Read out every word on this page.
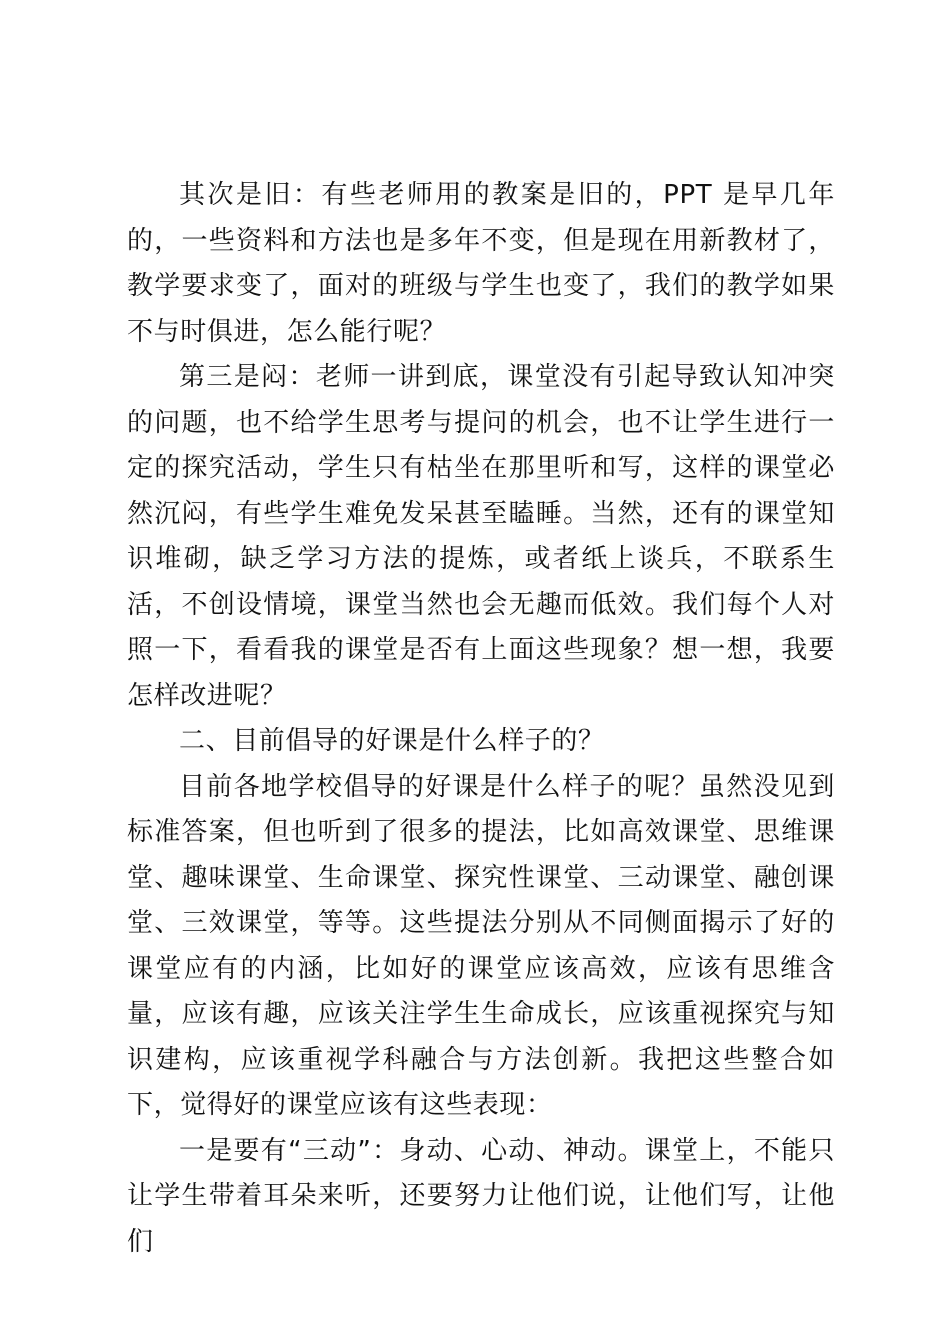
其次是旧：有些老师用的教案是旧的，PPT 是早几年的，一些资料和方法也是多年不变，但是现在用新教材了，教学要求变了，面对的班级与学生也变了，我们的教学如果不与时俱进，怎么能行呢？

第三是闷：老师一讲到底，课堂没有引起导致认知冲突的问题，也不给学生思考与提问的机会，也不让学生进行一定的探究活动，学生只有枯坐在那里听和写，这样的课堂必然沉闷，有些学生难免发呆甚至瞌睡。当然，还有的课堂知识堆砌，缺乏学习方法的提炼，或者纸上谈兵，不联系生活，不创设情境，课堂当然也会无趣而低效。我们每个人对照一下，看看我的课堂是否有上面这些现象？想一想，我要怎样改进呢？

二、目前倡导的好课是什么样子的？

目前各地学校倡导的好课是什么样子的呢？虽然没见到标准答案，但也听到了很多的提法，比如高效课堂、思维课堂、趣味课堂、生命课堂、探究性课堂、三动课堂、融创课堂、三效课堂，等等。这些提法分别从不同侧面揭示了好的课堂应有的内涵，比如好的课堂应该高效，应该有思维含量，应该有趣，应该关注学生生命成长，应该重视探究与知识建构，应该重视学科融合与方法创新。我把这些整合如下，觉得好的课堂应该有这些表现：

一是要有“三动”：身动、心动、神动。课堂上，不能只让学生带着耳朵来听，还要努力让他们说，让他们写，让他们
